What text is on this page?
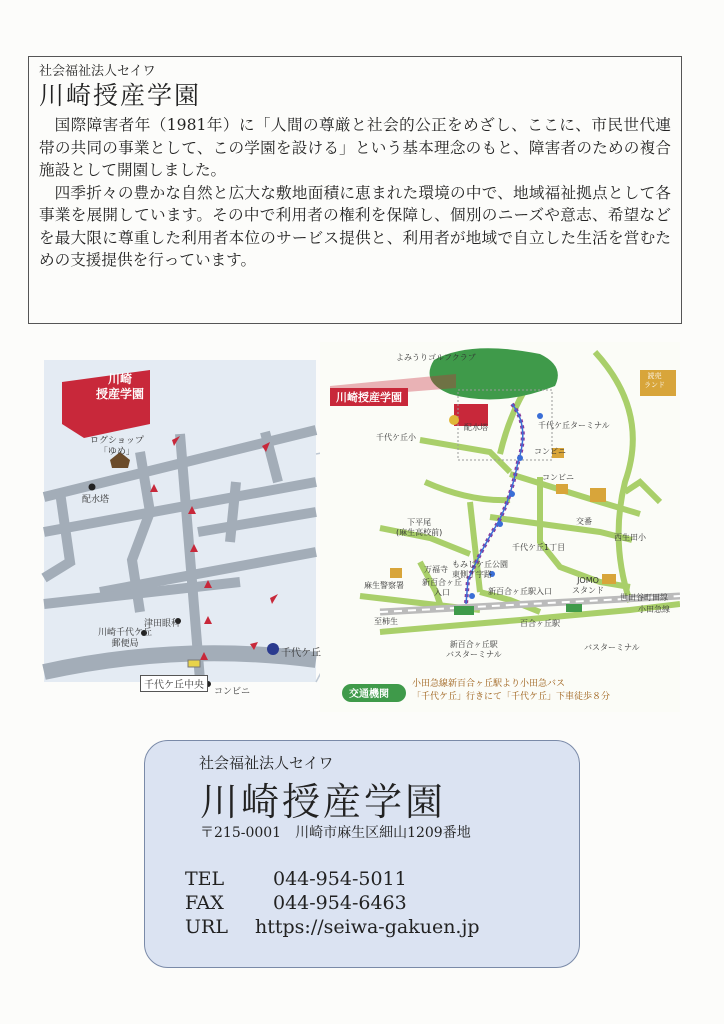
社会福祉法人セイワ
川崎授産学園

国際障害者年（1981年）に「人間の尊厳と社会的公正をめざし、ここに、市民世代連帯の共同の事業として、この学園を設ける」という基本理念のもと、障害者のための複合施設として開園しました。

四季折々の豊かな自然と広大な敷地面積に恵まれた環境の中で、地域福祉拠点として各事業を展開しています。その中で利用者の権利を保障し、個別のニーズや意志、希望などを最大限に尊重した利用者本位のサービス提供と、利用者が地域で自立した生活を営むための支援提供を行っています。

川崎
授産学園
ログショップ
「ゆめ」
配水塔
津田眼科
川崎千代ケ丘
郵便局
千代ケ丘
千代ケ丘中央
コンビニ
よみうりゴルフクラブ
読売
ランド
川崎授産学園
配水塔	千代ケ丘ターミナル
千代ケ丘小
コンビニ
コンビニ
交番
西生田小
下平尾
(麻生高校前)
千代ケ丘1丁目
万福寺
もみじケ丘公園
東側丁字路
麻生警察署 新百合ヶ丘
入口	新百合ヶ丘駅入口
JOMO
スタンド
世田谷町田線
小田急線
至柿生	百合ヶ丘駅
新百合ヶ丘駅
バスターミナル
バスターミナル
交通機関
小田急線新百合ヶ丘駅より小田急バス
「千代ケ丘」行きにて「千代ケ丘」下車徒歩８分
社会福祉法人セイワ
川崎授産学園
〒215-0001　川崎市麻生区細山1209番地
TEL	044-954-5011
FAX	044-954-6463
URL https://seiwa-gakuen.jp
